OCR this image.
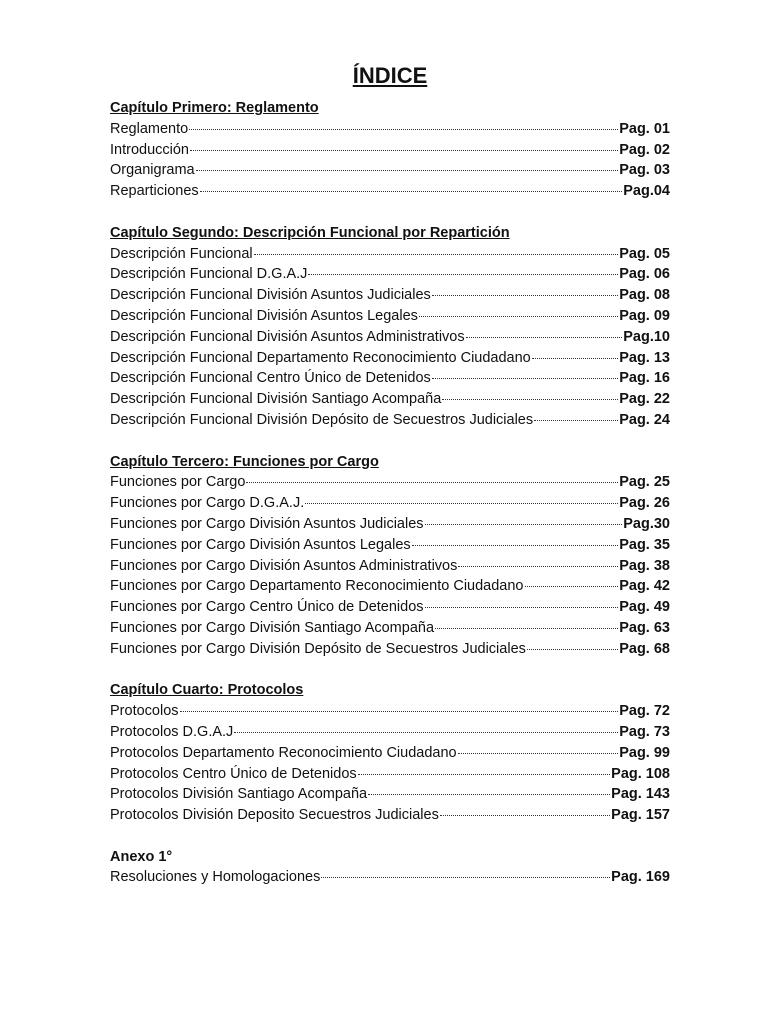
ÍNDICE
Capítulo Primero: Reglamento
Reglamento	Pag. 01
Introducción	Pag. 02
Organigrama	Pag. 03
Reparticiones	Pag.04
Capítulo Segundo: Descripción Funcional por Repartición
Descripción Funcional	Pag. 05
Descripción Funcional D.G.A.J	Pag. 06
Descripción Funcional División Asuntos Judiciales	Pag. 08
Descripción Funcional División Asuntos Legales	Pag. 09
Descripción Funcional División Asuntos Administrativos	Pag.10
Descripción Funcional Departamento Reconocimiento Ciudadano	Pag. 13
Descripción Funcional Centro Único de Detenidos	Pag. 16
Descripción Funcional División Santiago Acompaña	Pag. 22
Descripción Funcional División Depósito de Secuestros Judiciales	Pag. 24
Capítulo Tercero: Funciones por Cargo
Funciones por Cargo	Pag. 25
Funciones por Cargo D.G.A.J.	Pag. 26
Funciones por Cargo División Asuntos Judiciales	Pag.30
Funciones por Cargo División Asuntos Legales	Pag. 35
Funciones por Cargo División Asuntos Administrativos	Pag. 38
Funciones por Cargo Departamento Reconocimiento Ciudadano	Pag. 42
Funciones por Cargo Centro Único de Detenidos	Pag. 49
Funciones por Cargo División Santiago Acompaña	Pag. 63
Funciones por Cargo División Depósito de Secuestros Judiciales	Pag. 68
Capítulo Cuarto: Protocolos
Protocolos	Pag. 72
Protocolos D.G.A.J	Pag. 73
Protocolos Departamento Reconocimiento Ciudadano	Pag. 99
Protocolos Centro Único de Detenidos	Pag. 108
Protocolos División Santiago Acompaña	Pag. 143
Protocolos División Deposito Secuestros Judiciales	Pag. 157
Anexo 1°
Resoluciones y Homologaciones	Pag. 169
